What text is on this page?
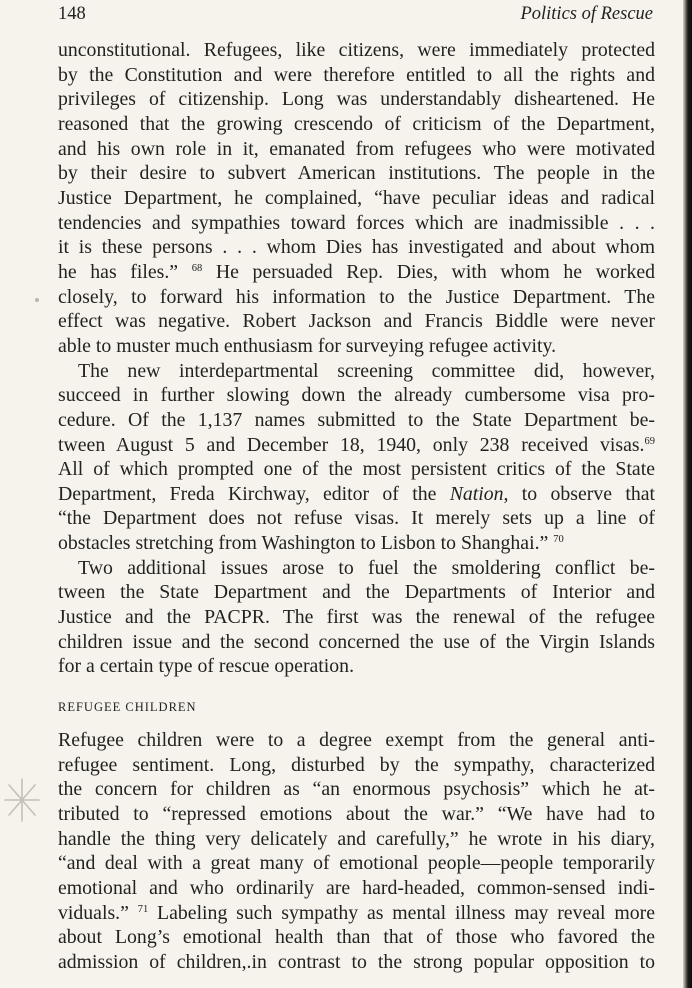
148	Politics of Rescue

unconstitutional. Refugees, like citizens, were immediately protected
by the Constitution and were therefore entitled to all the rights and
privileges of citizenship. Long was understandably disheartened. He
reasoned that the growing crescendo of criticism of the Department,
and his own role in it, emanated from refugees who were motivated
by their desire to subvert American institutions. The people in the
Justice Department, he complained, “have peculiar ideas and radical
tendencies and sympathies toward forces which are inadmissible . . .
it is these persons . . . whom Dies has investigated and about whom
he has files.” $^{68}$ He persuaded Rep. Dies, with whom he worked
closely, to forward his information to the Justice Department. The
effect was negative. Robert Jackson and Francis Biddle were never
able to muster much enthusiasm for surveying refugee activity.

The new interdepartmental screening committee did, however,
succeed in further slowing down the already cumbersome visa pro-
cedure. Of the 1,137 names submitted to the State Department be-
tween August 5 and December 18, 1940, only 238 received visas.$^{69}$
All of which prompted one of the most persistent critics of the State
Department, Freda Kirchway, editor of the Nation, to observe that
“the Department does not refuse visas. It merely sets up a line of
obstacles stretching from Washington to Lisbon to Shanghai.” $^{70}$

Two additional issues arose to fuel the smoldering conflict be-
tween the State Department and the Departments of Interior and
Justice and the PACPR. The first was the renewal of the refugee
children issue and the second concerned the use of the Virgin Islands
for a certain type of rescue operation.

REFUGEE CHILDREN

Refugee children were to a degree exempt from the general anti-
refugee sentiment. Long, disturbed by the sympathy, characterized
the concern for children as “an enormous psychosis” which he at-
tributed to “repressed emotions about the war.” “We have had to
handle the thing very delicately and carefully,” he wrote in his diary,
“and deal with a great many of emotional people—people temporarily
emotional and who ordinarily are hard-headed, common-sensed indi-
viduals.” $^{71}$ Labeling such sympathy as mental illness may reveal more
about Long’s emotional health than that of those who favored the
admission of children,.in contrast to the strong popular opposition to
